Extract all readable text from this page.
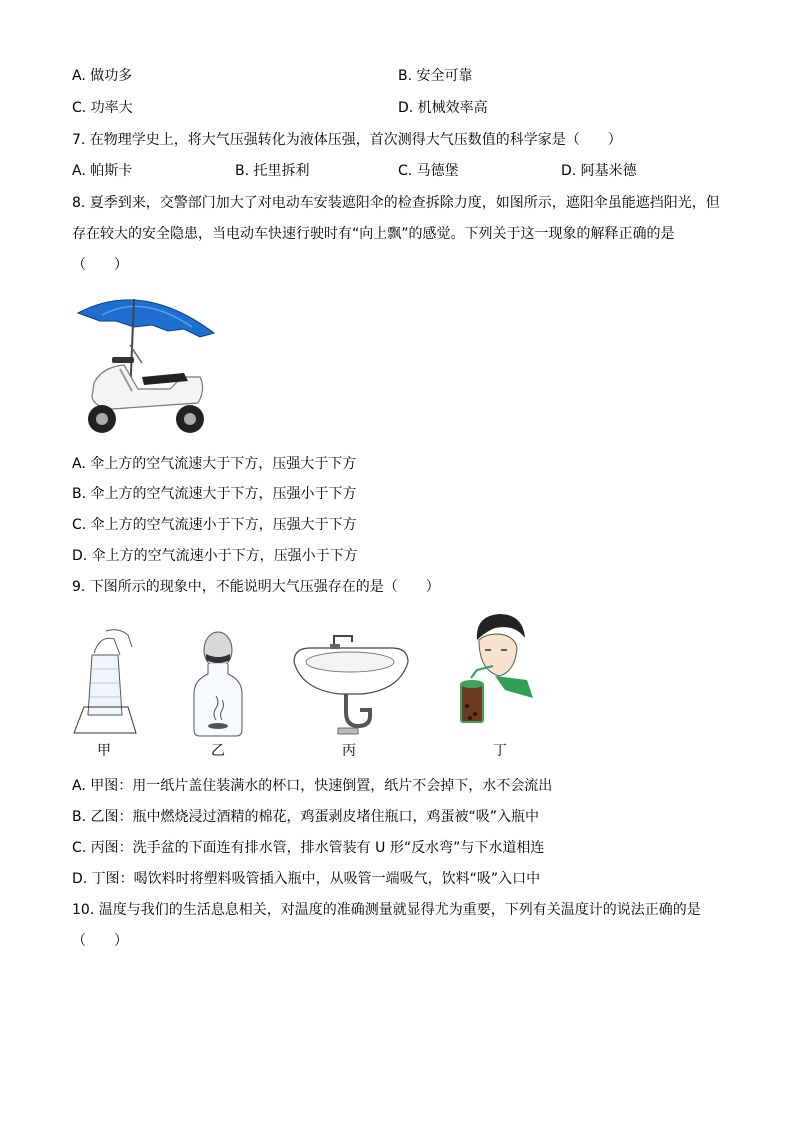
A. 做功多	B. 安全可靠
C. 功率大	D. 机械效率高
7. 在物理学史上，将大气压强转化为液体压强，首次测得大气压数值的科学家是（　　）
A. 帕斯卡	B. 托里拆利	C. 马德堡	D. 阿基米德
8. 夏季到来，交警部门加大了对电动车安装遮阳伞的检查拆除力度，如图所示，遮阳伞虽能遮挡阳光，但
存在较大的安全隐患，当电动车快速行驶时有“向上飘”的感觉。下列关于这一现象的解释正确的是
（　　）
A. 伞上方的空气流速大于下方，压强大于下方
B. 伞上方的空气流速大于下方，压强小于下方
C. 伞上方的空气流速小于下方，压强大于下方
D. 伞上方的空气流速小于下方，压强小于下方
9. 下图所示的现象中，不能说明大气压强存在的是（　　）
甲	乙	丙	丁
A. 甲图：用一纸片盖住装满水的杯口，快速倒置，纸片不会掉下，水不会流出
B. 乙图：瓶中燃烧浸过酒精的棉花，鸡蛋剥皮堵住瓶口，鸡蛋被“吸”入瓶中
C. 丙图：洗手盆的下面连有排水管，排水管装有 U 形“反水弯”与下水道相连
D. 丁图：喝饮料时将塑料吸管插入瓶中，从吸管一端吸气，饮料“吸”入口中
10. 温度与我们的生活息息相关，对温度的准确测量就显得尤为重要，下列有关温度计的说法正确的是
（　　）
